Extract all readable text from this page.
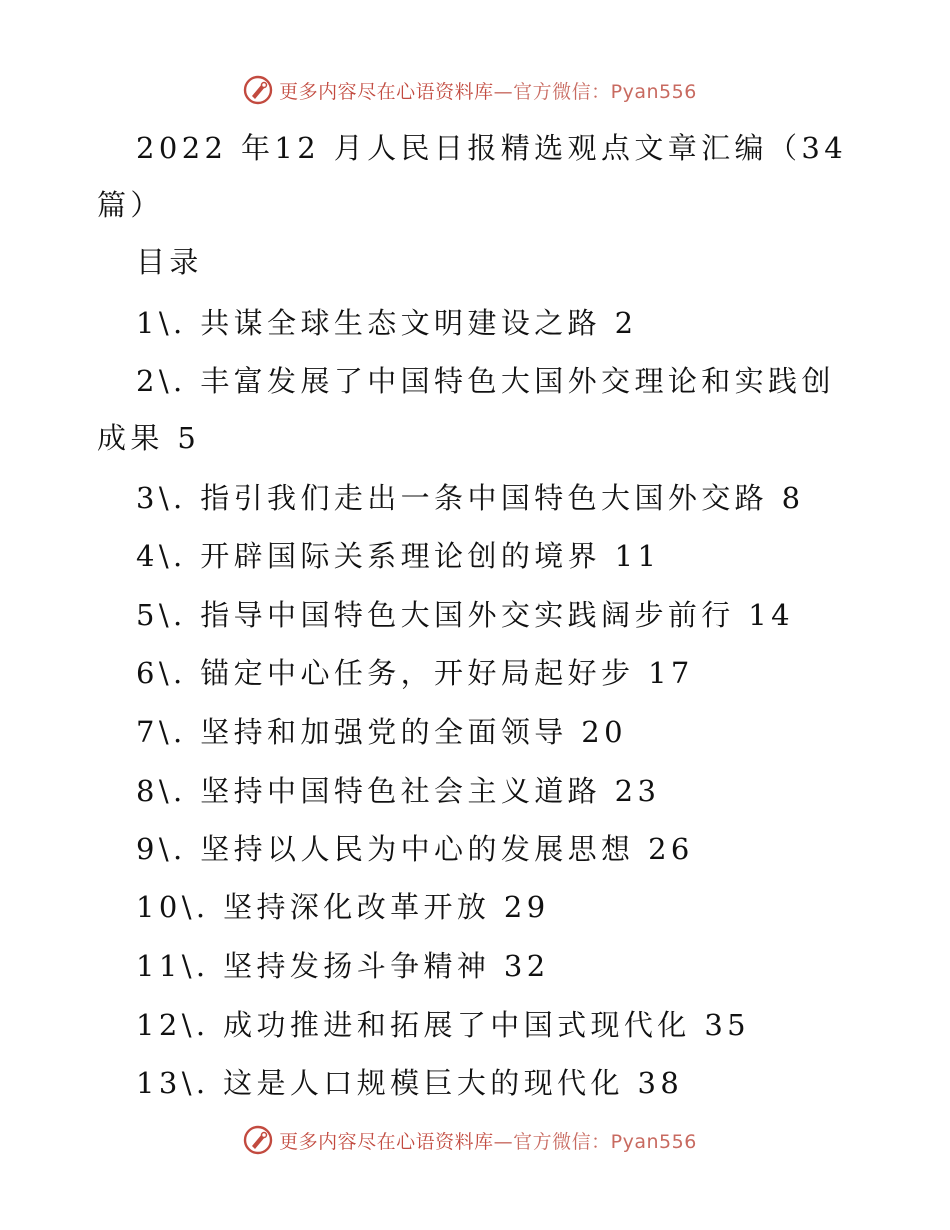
更多内容尽在心语资料库—官方微信：Pyan556
2022 年12 月人民日报精选观点文章汇编（34
篇）
目录
1\. 共谋全球生态文明建设之路 2
2\. 丰富发展了中国特色大国外交理论和实践创
成果 5
3\. 指引我们走出一条中国特色大国外交路 8
4\. 开辟国际关系理论创的境界 11
5\. 指导中国特色大国外交实践阔步前行 14
6\. 锚定中心任务，开好局起好步 17
7\. 坚持和加强党的全面领导 20
8\. 坚持中国特色社会主义道路 23
9\. 坚持以人民为中心的发展思想 26
10\. 坚持深化改革开放 29
11\. 坚持发扬斗争精神 32
12\. 成功推进和拓展了中国式现代化 35
13\. 这是人口规模巨大的现代化 38
更多内容尽在心语资料库—官方微信：Pyan556
